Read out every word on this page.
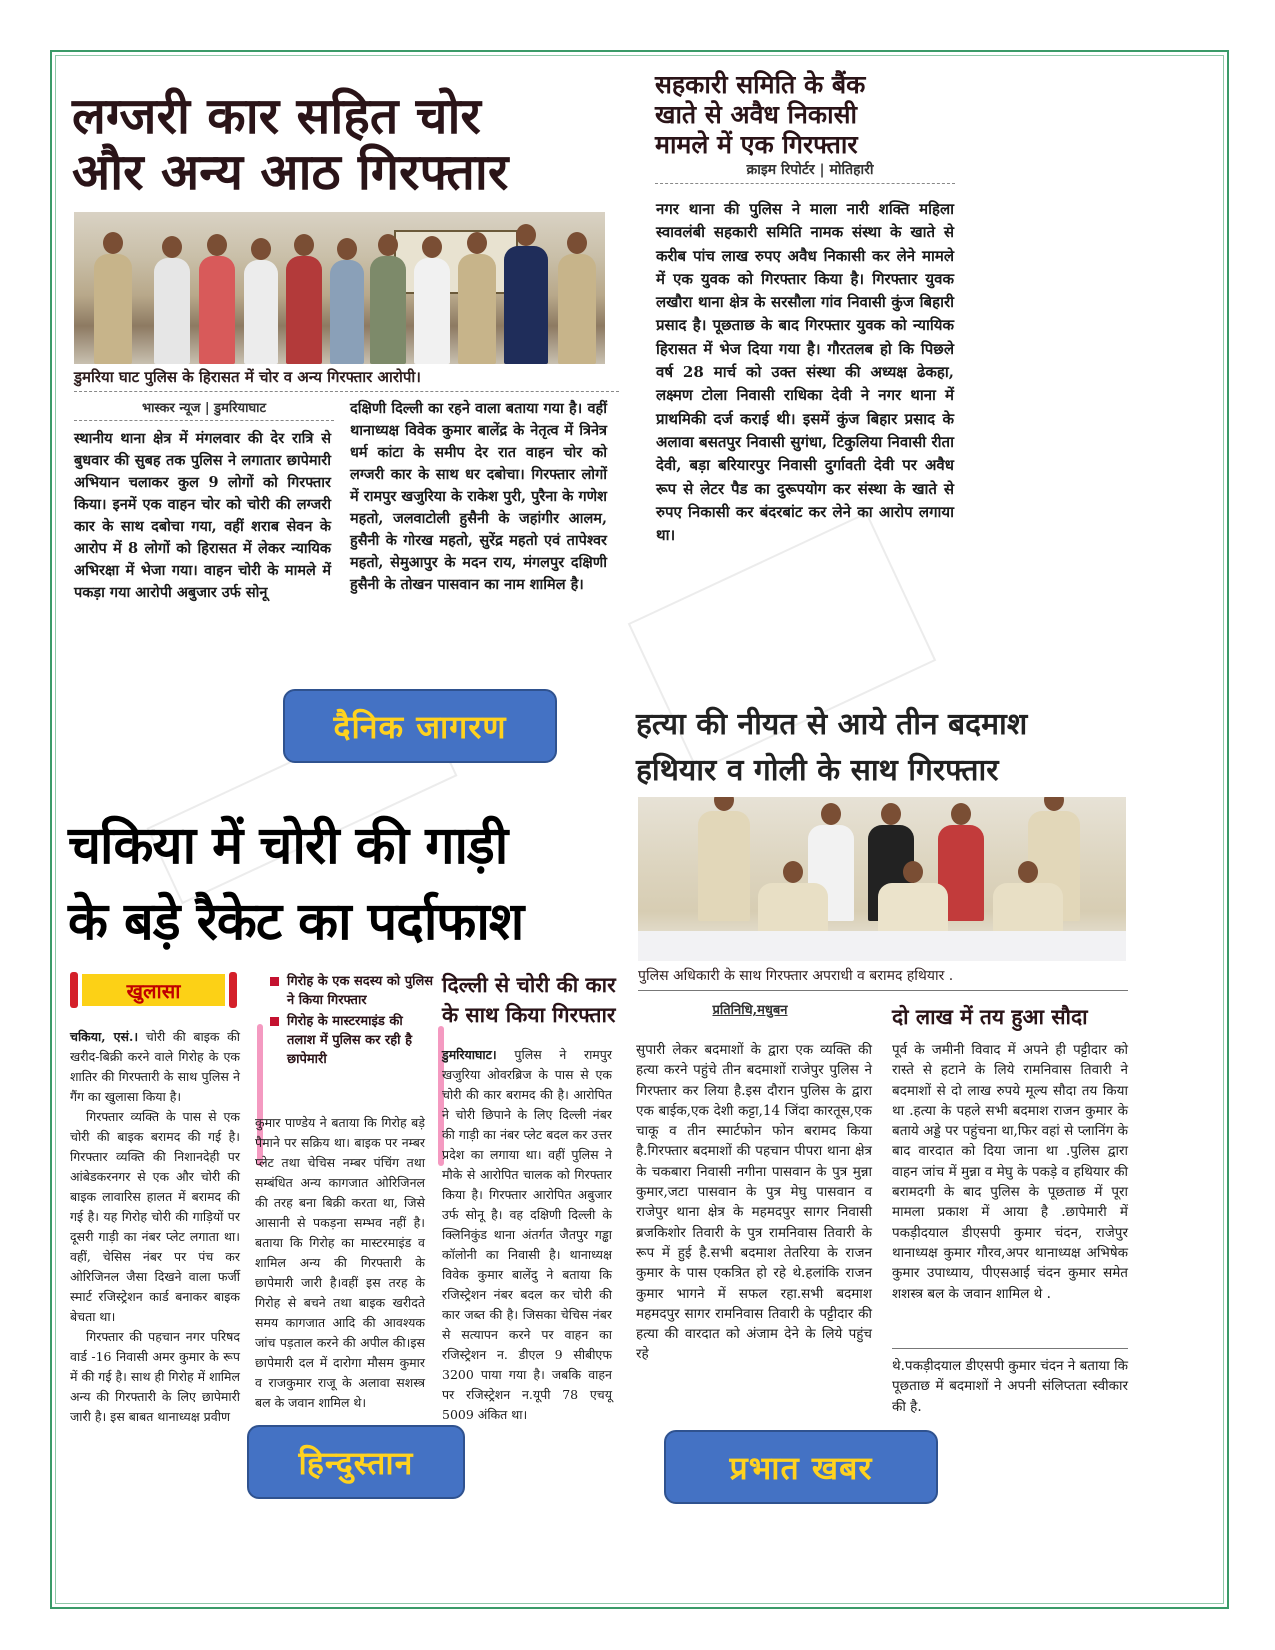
लग्जरी कार सहित चोर
और अन्य आठ गिरफ्तार
डुमरिया घाट पुलिस के हिरासत में चोर व अन्य गिरफ्तार आरोपी।
भास्कर न्यूज | डुमरियाघाट
स्थानीय थाना क्षेत्र में मंगलवार की देर रात्रि से बुधवार की सुबह तक पुलिस ने लगातार छापेमारी अभियान चलाकर कुल 9 लोगों को गिरफ्तार किया। इनमें एक वाहन चोर को चोरी की लग्जरी कार के साथ दबोचा गया, वहीं शराब सेवन के आरोप में 8 लोगों को हिरासत में लेकर न्यायिक अभिरक्षा में भेजा गया। वाहन चोरी के मामले में पकड़ा गया आरोपी अबुजार उर्फ सोनू
दक्षिणी दिल्ली का रहने वाला बताया गया है। वहीं थानाध्यक्ष विवेक कुमार बालेंद्र के नेतृत्व में त्रिनेत्र धर्म कांटा के समीप देर रात वाहन चोर को लग्जरी कार के साथ धर दबोचा। गिरफ्तार लोगों में रामपुर खजुरिया के राकेश पुरी, पुरैना के गणेश महतो, जलवाटोली हुसैनी के जहांगीर आलम, हुसैनी के गोरख महतो, सुरेंद्र महतो एवं तापेश्वर महतो, सेमुआपुर के मदन राय, मंगलपुर दक्षिणी हुसैनी के तोखन पासवान का नाम शामिल है।
सहकारी समिति के बैंक
खाते से अवैध निकासी
मामले में एक गिरफ्तार
क्राइम रिपोर्टर | मोतिहारी
नगर थाना की पुलिस ने माला नारी शक्ति महिला स्वावलंबी सहकारी समिति नामक संस्था के खाते से करीब पांच लाख रुपए अवैध निकासी कर लेने मामले में एक युवक को गिरफ्तार किया है। गिरफ्तार युवक लखौरा थाना क्षेत्र के सरसौला गांव निवासी कुंज बिहारी प्रसाद है। पूछताछ के बाद गिरफ्तार युवक को न्यायिक हिरासत में भेज दिया गया है। गौरतलब हो कि पिछले वर्ष 28 मार्च को उक्त संस्था की अध्यक्ष ढेकहा, लक्ष्मण टोला निवासी राधिका देवी ने नगर थाना में प्राथमिकी दर्ज कराई थी। इसमें कुंज बिहार प्रसाद के अलावा बसतपुर निवासी सुगंधा, टिकुलिया निवासी रीता देवी, बड़ा बरियारपुर निवासी दुर्गावती देवी पर अवैध रूप से लेटर पैड का दुरूपयोग कर संस्था के खाते से रुपए निकासी कर बंदरबांट कर लेने का आरोप लगाया था।
दैनिक जागरण
चकिया में चोरी की गाड़ी
के बड़े रैकेट का पर्दाफाश
खुलासा	गिरोह के एक सदस्य को पुलिस ने किया गिरफ्तार
गिरोह के मास्टरमाइंड की तलाश में पुलिस कर रही है छापेमारी
चकिया, एसं.। चोरी की बाइक की खरीद-बिक्री करने वाले गिरोह के एक शातिर की गिरफ्तारी के साथ पुलिस ने गैंग का खुलासा किया है।
गिरफ्तार व्यक्ति के पास से एक चोरी की बाइक बरामद की गई है। गिरफ्तार व्यक्ति की निशानदेही पर आंबेडकरनगर से एक और चोरी की बाइक लावारिस हालत में बरामद की गई है। यह गिरोह चोरी की गाड़ियों पर दूसरी गाड़ी का नंबर प्लेट लगाता था। वहीं, चेसिस नंबर पर पंच कर ओरिजिनल जैसा दिखने वाला फर्जी स्मार्ट रजिस्ट्रेशन कार्ड बनाकर बाइक बेचता था।
गिरफ्तार की पहचान नगर परिषद वार्ड -16 निवासी अमर कुमार के रूप में की गई है। साथ ही गिरोह में शामिल अन्य की गिरफ्तारी के लिए छापेमारी जारी है। इस बाबत थानाध्यक्ष प्रवीण
कुमार पाण्डेय ने बताया कि गिरोह बड़े पैमाने पर सक्रिय था। बाइक पर नम्बर प्लेट तथा चेचिस नम्बर पंचिंग तथा सम्बंधित अन्य कागजात ओरिजिनल की तरह बना बिक्री करता था, जिसे आसानी से पकड़ना सम्भव नहीं है। बताया कि गिरोह का मास्टरमाइंड व शामिल अन्य की गिरफ्तारी के छापेमारी जारी है।वहीं इस तरह के गिरोह से बचने तथा बाइक खरीदते समय कागजात आदि की आवश्यक जांच पड़ताल करने की अपील की।इस छापेमारी दल में दारोगा मौसम कुमार व राजकुमार राजू के अलावा सशस्त्र बल के जवान शामिल थे।
दिल्ली से चोरी की कार के साथ किया गिरफ्तार
डुमरियाघाट। पुलिस ने रामपुर खजुरिया ओवरब्रिज के पास से एक चोरी की कार बरामद की है। आरोपित ने चोरी छिपाने के लिए दिल्ली नंबर की गाड़ी का नंबर प्लेट बदल कर उत्तर प्रदेश का लगाया था। वहीं पुलिस ने मौके से आरोपित चालक को गिरफ्तार किया है। गिरफ्तार आरोपित अबुजार उर्फ सोनू है। वह दक्षिणी दिल्ली के क्लिनिकुंड थाना अंतर्गत जैतपुर गड्ढा कॉलोनी का निवासी है। थानाध्यक्ष विवेक कुमार बालेंदु ने बताया कि रजिस्ट्रेशन नंबर बदल कर चोरी की कार जब्त की है। जिसका चेचिस नंबर से सत्यापन करने पर वाहन का रजिस्ट्रेशन न. डीएल 9 सीबीएफ 3200 पाया गया है। जबकि वाहन पर रजिस्ट्रेशन न.यूपी 78 एचयू 5009 अंकित था।
हिन्दुस्तान
हत्या की नीयत से आये तीन बदमाश
हथियार व गोली के साथ गिरफ्तार
पुलिस अधिकारी के साथ गिरफ्तार अपराधी व बरामद हथियार .
प्रतिनिधि,मधुबन
सुपारी लेकर बदमाशों के द्वारा एक व्यक्ति की हत्या करने पहुंचे तीन बदमाशों राजेपुर पुलिस ने गिरफ्तार कर लिया है.इस दौरान पुलिस के द्वारा एक बाईक,एक देशी कट्टा,14 जिंदा कारतूस,एक चाकू व तीन स्मार्टफोन फोन बरामद किया है.गिरफ्तार बदमाशों की पहचान पीपरा थाना क्षेत्र के चकबारा निवासी नगीना पासवान के पुत्र मुन्ना कुमार,जटा पासवान के पुत्र मेघु पासवान व राजेपुर थाना क्षेत्र के महमदपुर सागर निवासी ब्रजकिशोर तिवारी के पुत्र रामनिवास तिवारी के रूप में हुई है.सभी बदमाश तेतरिया के राजन कुमार के पास एकत्रित हो रहे थे.हलांकि राजन कुमार भागने में सफल रहा.सभी बदमाश महमदपुर सागर रामनिवास तिवारी के पट्टीदार की हत्या की वारदात को अंजाम देने के लिये पहुंच रहे
दो लाख में तय हुआ सौदा
पूर्व के जमीनी विवाद में अपने ही पट्टीदार को रास्ते से हटाने के लिये रामनिवास तिवारी ने बदमाशों से दो लाख रुपये मूल्य सौदा तय किया था .हत्या के पहले सभी बदमाश राजन कुमार के बताये अड्डे पर पहुंचना था,फिर वहां से प्लानिंग के बाद वारदात को दिया जाना था .पुलिस द्वारा वाहन जांच में मुन्ना व मेघु के पकड़े व हथियार की बरामदगी के बाद पुलिस के पूछताछ में पूरा मामला प्रकाश में आया है .छापेमारी में पकड़ीदयाल डीएसपी कुमार चंदन, राजेपुर थानाध्यक्ष कुमार गौरव,अपर थानाध्यक्ष अभिषेक कुमार उपाध्याय, पीएसआई चंदन कुमार समेत शशस्त्र बल के जवान शामिल थे .
थे.पकड़ीदयाल डीएसपी कुमार चंदन ने बताया कि पूछताछ में बदमाशों ने अपनी संलिप्तता स्वीकार की है.
प्रभात खबर
